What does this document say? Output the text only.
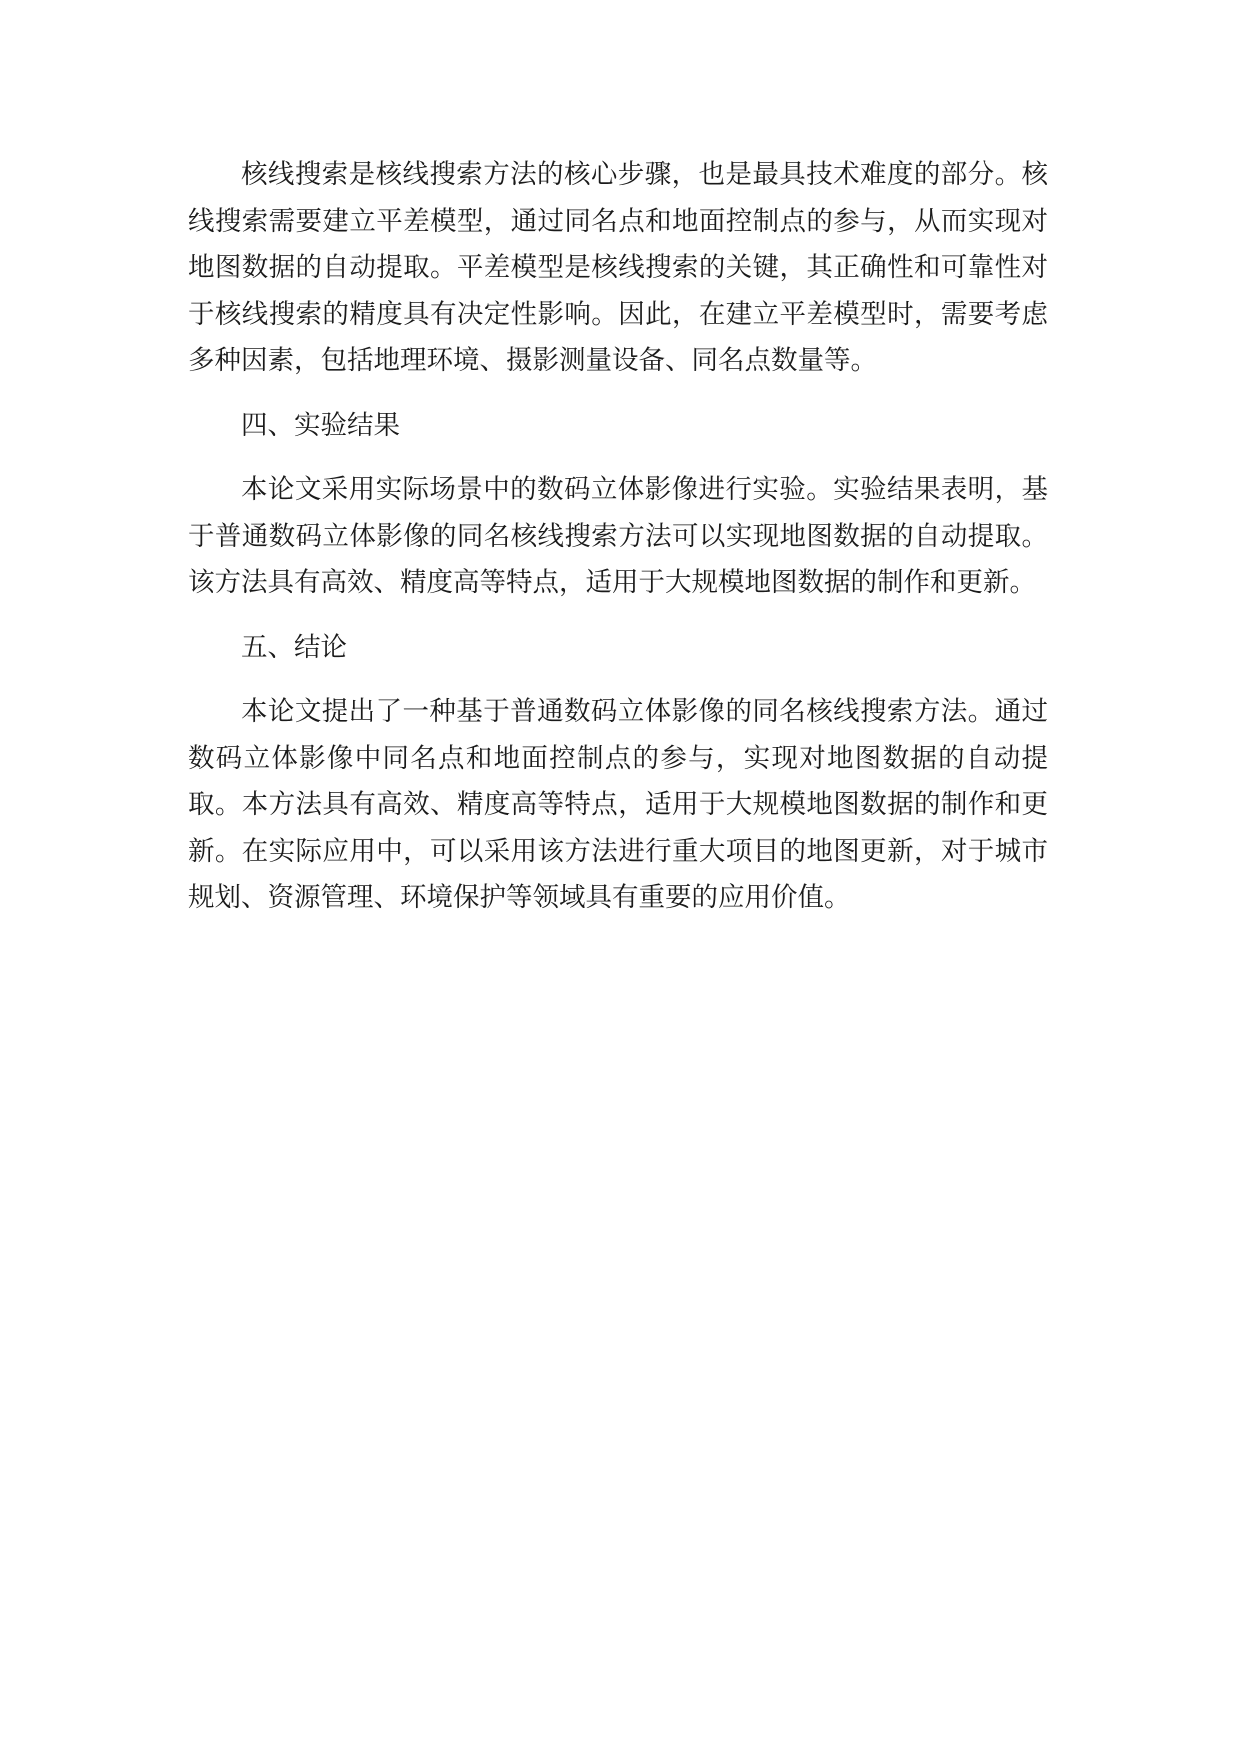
核线搜索是核线搜索方法的核心步骤，也是最具技术难度的部分。核线搜索需要建立平差模型，通过同名点和地面控制点的参与，从而实现对地图数据的自动提取。平差模型是核线搜索的关键，其正确性和可靠性对于核线搜索的精度具有决定性影响。因此，在建立平差模型时，需要考虑多种因素，包括地理环境、摄影测量设备、同名点数量等。

四、实验结果

本论文采用实际场景中的数码立体影像进行实验。实验结果表明，基于普通数码立体影像的同名核线搜索方法可以实现地图数据的自动提取。该方法具有高效、精度高等特点，适用于大规模地图数据的制作和更新。

五、结论

本论文提出了一种基于普通数码立体影像的同名核线搜索方法。通过数码立体影像中同名点和地面控制点的参与，实现对地图数据的自动提取。本方法具有高效、精度高等特点，适用于大规模地图数据的制作和更新。在实际应用中，可以采用该方法进行重大项目的地图更新，对于城市规划、资源管理、环境保护等领域具有重要的应用价值。
